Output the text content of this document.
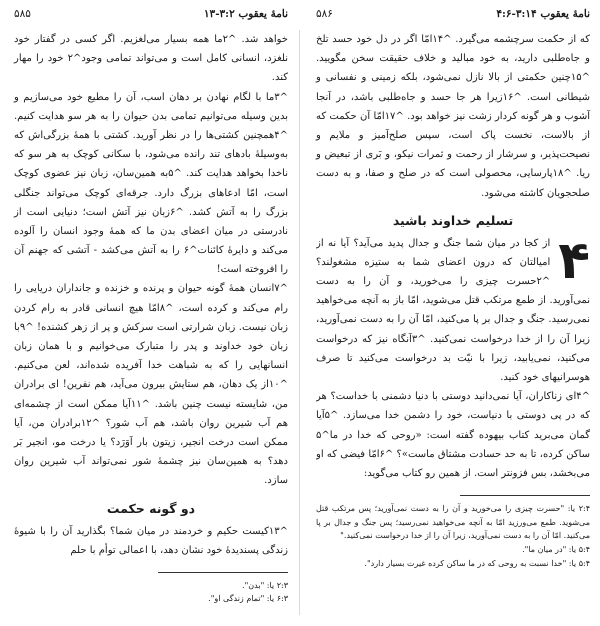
نامهٔ یعقوب ۳:۲-۱۳
۵۸۵

خواهد شد. ^۲ما همه بسیار می‌لغزیم. اگر کسی در گفتار خود نلغزد، انسانی کامل است و می‌تواند تمامی وجود^۲ خود را مهار کند.

^۳ما با لگام نهادن بر دهان اسب، آن را مطیع خود می‌سازیم و بدین وسیله می‌توانیم تمامی بدن حیوان را به هر سو هدایت کنیم. ^۴همچنین کشتی‌ها را در نظر آورید. کشتی با همهٔ بزرگی‌اش که به‌وسیلهٔ بادهای تند رانده می‌شود، با سکانی کوچک به هر سو که ناخدا بخواهد هدایت کند. ^۵به همین‌سان، زبان نیز عضوی کوچک است، امّا ادعاهای بزرگ دارد. جرقه‌ای کوچک می‌تواند جنگلی بزرگ را به آتش کشد. ^۶زبان نیز آتش است؛ دنیایی است از نادرستی در میان اعضای بدن ما که همهٔ وجود انسان را آلوده می‌کند و دایرهٔ کائنات^۶ را به آتش می‌کشد - آتشی که جهنم آن را افروخته است!

^۷انسان همهٔ گونه حیوان و پرنده و خزنده و جانداران دریایی را رام می‌کند و کرده است، ^۸امّا هیچ انسانی قادر به رام کردن زبان نیست. زبان شرارتی است سرکش و پر از زهر کشنده! ^۹با زبان خود خداوند و پدر را متبارک می‌خوانیم و با همان زبان انسانهایی را که به شباهت خدا آفریده شده‌اند، لعن می‌کنیم. ^۱۰از یک دهان، هم ستایش بیرون می‌آید، هم نفرین! ای برادران من، شایسته نیست چنین باشد. ^۱۱آیا ممکن است از چشمه‌ای هم آب شیرین روان باشد، هم آب شور؟ ^۱۲برادران من، آیا ممکن است درخت انجیر، زیتون بار آوَرَد؟ یا درخت مو، انجیر بَر دهد؟ به همین‌سان نیز چشمهٔ شور نمی‌تواند آب شیرین روان سازد.

دو گونه حکمت

^۱۳کیست حکیم و خردمند در میان شما؟ بگذارید آن را با شیوهٔ زندگی پسندیدهٔ خود نشان دهد، با اعمالی توأم با حلم

۲:۳ یا: "بدن".

۶:۳ یا: "تمام زندگی او".

نامهٔ یعقوب ۳:۱۴-۴:۶
۵۸۶

که از حکمت سرچشمه می‌گیرد. ^۱۴امّا اگر در دل خود حسد تلخ و جاه‌طلبی دارید، به خود مبالید و خلاف حقیقت سخن مگویید. ^۱۵چنین حکمتی از بالا نازل نمی‌شود، بلکه زمینی و نفسانی و شیطانی است. ^۱۶زیرا هر جا حسد و جاه‌طلبی باشد، در آنجا آشوب و هر گونه کردار زشت نیز خواهد بود. ^۱۷امّا آن حکمت که از بالاست، نخست پاک است، سپس صلح‌آمیز و ملایم و نصیحت‌پذیر، و سرشار از رحمت و ثمرات نیکو، و بَری از تبعیض و ریا. ^۱۸پارسایی، محصولی است که در صلح و صفا، و به دست صلحجویان کاشته می‌شود.

تسلیم خداوند باشید
۴

از کجا در میان شما جنگ و جدال پدید می‌آید؟ آیا نه از امیالتان که درون اعضای شما به ستیزه مشغولند؟ ^۲حسرت چیزی را می‌خورید، و آن را به دست نمی‌آورید. از طمع مرتکب قتل می‌شوید، امّا باز به آنچه می‌خواهید نمی‌رسید. جنگ و جدال بر پا می‌کنید، امّا آن را به دست نمی‌آورید، زیرا آن را از خدا درخواست نمی‌کنید. ^۳آنگاه نیز که درخواست می‌کنید، نمی‌یابید، زیرا با نیّت بد درخواست می‌کنید تا صرف هوسرانیهای خود کنید.

^۴ای زناکاران، آیا نمی‌دانید دوستی با دنیا دشمنی با خداست؟ هر که در پی دوستی با دنیاست، خود را دشمن خدا می‌سازد. ^۵آیا گمان می‌برید کتاب بیهوده گفته است: «روحی که خدا در ما^۵ ساکن کرده، تا به حد حسادت مشتاق ماست»؟ ^۶امّا فیضی که او می‌بخشد، بس فزونتر است. از همین رو کتاب می‌گوید:

۲:۴ یا: "حسرت چیزی را می‌خورید و آن را به دست نمی‌آورید؛ پس مرتکب قتل می‌شوید. طمع می‌ورزید امّا به آنچه می‌خواهید نمی‌رسید؛ پس جنگ و جدال بر پا می‌کنید. امّا آن را به دست نمی‌آورید، زیرا آن را از خدا درخواست نمی‌کنید."

۵:۴ یا: "در میان ما".

۵:۴ یا: "خدا نسبت به روحی که در ما ساکن کرده غیرت بسیار دارد".
